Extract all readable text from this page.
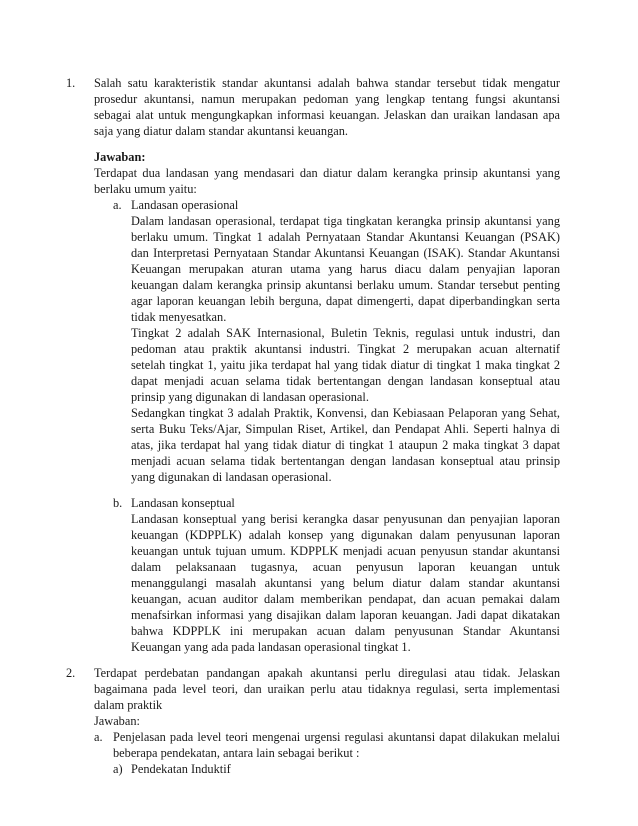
1. Salah satu karakteristik standar akuntansi adalah bahwa standar tersebut tidak mengatur
prosedur akuntansi, namun merupakan pedoman yang lengkap tentang fungsi akuntansi
sebagai alat untuk mengungkapkan informasi keuangan. Jelaskan dan uraikan landasan apa
saja yang diatur dalam standar akuntansi keuangan.
Jawaban:
Terdapat dua landasan yang mendasari dan diatur dalam kerangka prinsip akuntansi yang
berlaku umum yaitu:
a. Landasan operasional
Dalam landasan operasional, terdapat tiga tingkatan kerangka prinsip akuntansi yang
berlaku umum. Tingkat 1 adalah Pernyataan Standar Akuntansi Keuangan (PSAK)
dan Interpretasi Pernyataan Standar Akuntansi Keuangan (ISAK). Standar Akuntansi
Keuangan merupakan aturan utama yang harus diacu dalam penyajian laporan
keuangan dalam kerangka prinsip akuntansi berlaku umum. Standar tersebut penting
agar laporan keuangan lebih berguna, dapat dimengerti, dapat diperbandingkan serta
tidak menyesatkan.
Tingkat 2 adalah SAK Internasional, Buletin Teknis, regulasi untuk industri, dan
pedoman atau praktik akuntansi industri. Tingkat 2 merupakan acuan alternatif
setelah tingkat 1, yaitu jika terdapat hal yang tidak diatur di tingkat 1 maka tingkat 2
dapat menjadi acuan selama tidak bertentangan dengan landasan konseptual atau
prinsip yang digunakan di landasan operasional.
Sedangkan tingkat 3 adalah Praktik, Konvensi, dan Kebiasaan Pelaporan yang Sehat,
serta Buku Teks/Ajar, Simpulan Riset, Artikel, dan Pendapat Ahli. Seperti halnya di
atas, jika terdapat hal yang tidak diatur di tingkat 1 ataupun 2 maka tingkat 3 dapat
menjadi acuan selama tidak bertentangan dengan landasan konseptual atau prinsip
yang digunakan di landasan operasional.
b. Landasan konseptual
Landasan konseptual yang berisi kerangka dasar penyusunan dan penyajian laporan
keuangan (KDPPLK) adalah konsep yang digunakan dalam penyusunan laporan
keuangan untuk tujuan umum. KDPPLK menjadi acuan penyusun standar akuntansi
dalam pelaksanaan tugasnya, acuan penyusun laporan keuangan untuk
menanggulangi masalah akuntansi yang belum diatur dalam standar akuntansi
keuangan, acuan auditor dalam memberikan pendapat, dan acuan pemakai dalam
menafsirkan informasi yang disajikan dalam laporan keuangan. Jadi dapat dikatakan
bahwa KDPPLK ini merupakan acuan dalam penyusunan Standar Akuntansi
Keuangan yang ada pada landasan operasional tingkat 1.
2. Terdapat perdebatan pandangan apakah akuntansi perlu diregulasi atau tidak. Jelaskan
bagaimana pada level teori, dan uraikan perlu atau tidaknya regulasi, serta implementasi
dalam praktik
Jawaban:
a. Penjelasan pada level teori mengenai urgensi regulasi akuntansi dapat dilakukan melalui
beberapa pendekatan, antara lain sebagai berikut :
a) Pendekatan Induktif
